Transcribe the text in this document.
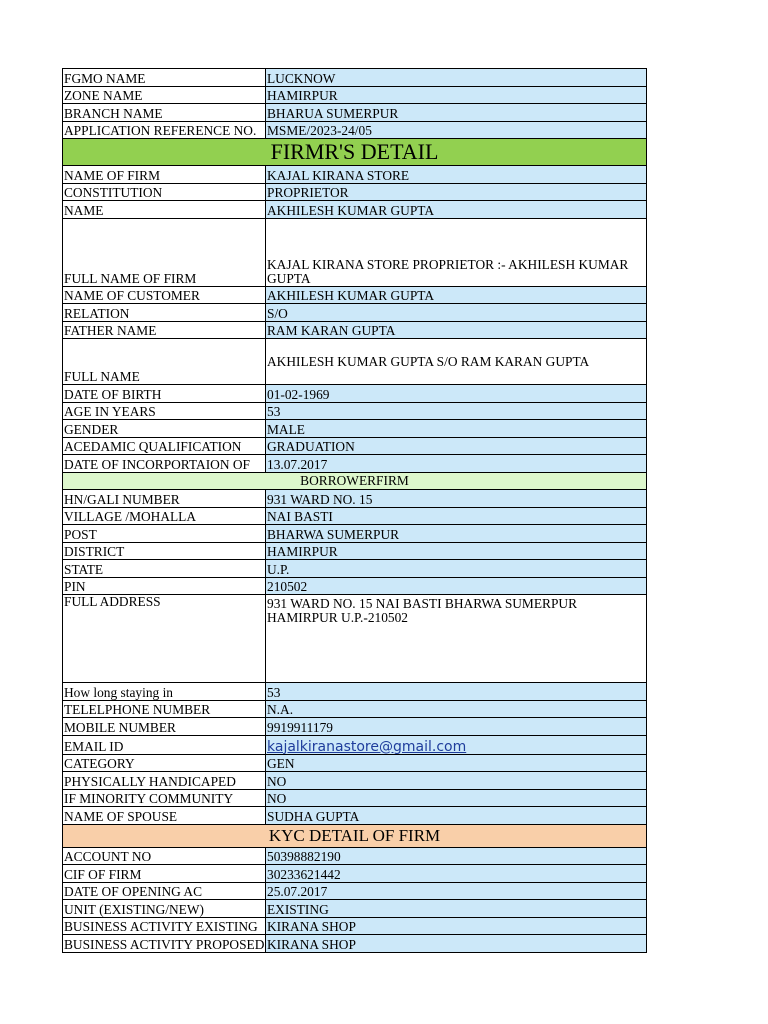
FGMO NAME	LUCKNOW
ZONE NAME	HAMIRPUR
BRANCH NAME	BHARUA SUMERPUR
APPLICATION REFERENCE NO.	MSME/2023-24/05
FIRMR'S DETAIL	
NAME OF FIRM	KAJAL KIRANA STORE
CONSTITUTION	PROPRIETOR
NAME	AKHILESH KUMAR GUPTA
FULL NAME OF FIRM	KAJAL KIRANA STORE PROPRIETOR :- AKHILESH KUMAR GUPTA
NAME OF CUSTOMER	AKHILESH KUMAR GUPTA
RELATION	S/O
FATHER NAME	RAM KARAN GUPTA
FULL NAME	AKHILESH KUMAR GUPTA S/O RAM KARAN GUPTA
DATE OF BIRTH	01-02-1969
AGE IN YEARS	53
GENDER	MALE
ACEDAMIC QUALIFICATION	GRADUATION
DATE OF INCORPORTAION OF	13.07.2017
BORROWERFIRM	
HN/GALI NUMBER	931 WARD NO. 15
VILLAGE /MOHALLA	NAI BASTI
POST	BHARWA SUMERPUR
DISTRICT	HAMIRPUR
STATE	U.P.
PIN	210502
FULL ADDRESS	931 WARD NO. 15 NAI BASTI BHARWA SUMERPUR HAMIRPUR U.P.-210502
How long staying in	53
TELELPHONE NUMBER	N.A.
MOBILE NUMBER	9919911179
EMAIL ID	kajalkiranastore@gmail.com
CATEGORY	GEN
PHYSICALLY HANDICAPED	NO
IF MINORITY COMMUNITY	NO
NAME OF SPOUSE	SUDHA GUPTA
KYC DETAIL OF FIRM	
ACCOUNT NO	50398882190
CIF OF FIRM	30233621442
DATE OF OPENING AC	25.07.2017
UNIT (EXISTING/NEW)	EXISTING
BUSINESS ACTIVITY EXISTING	KIRANA SHOP
BUSINESS ACTIVITY PROPOSED	KIRANA SHOP
